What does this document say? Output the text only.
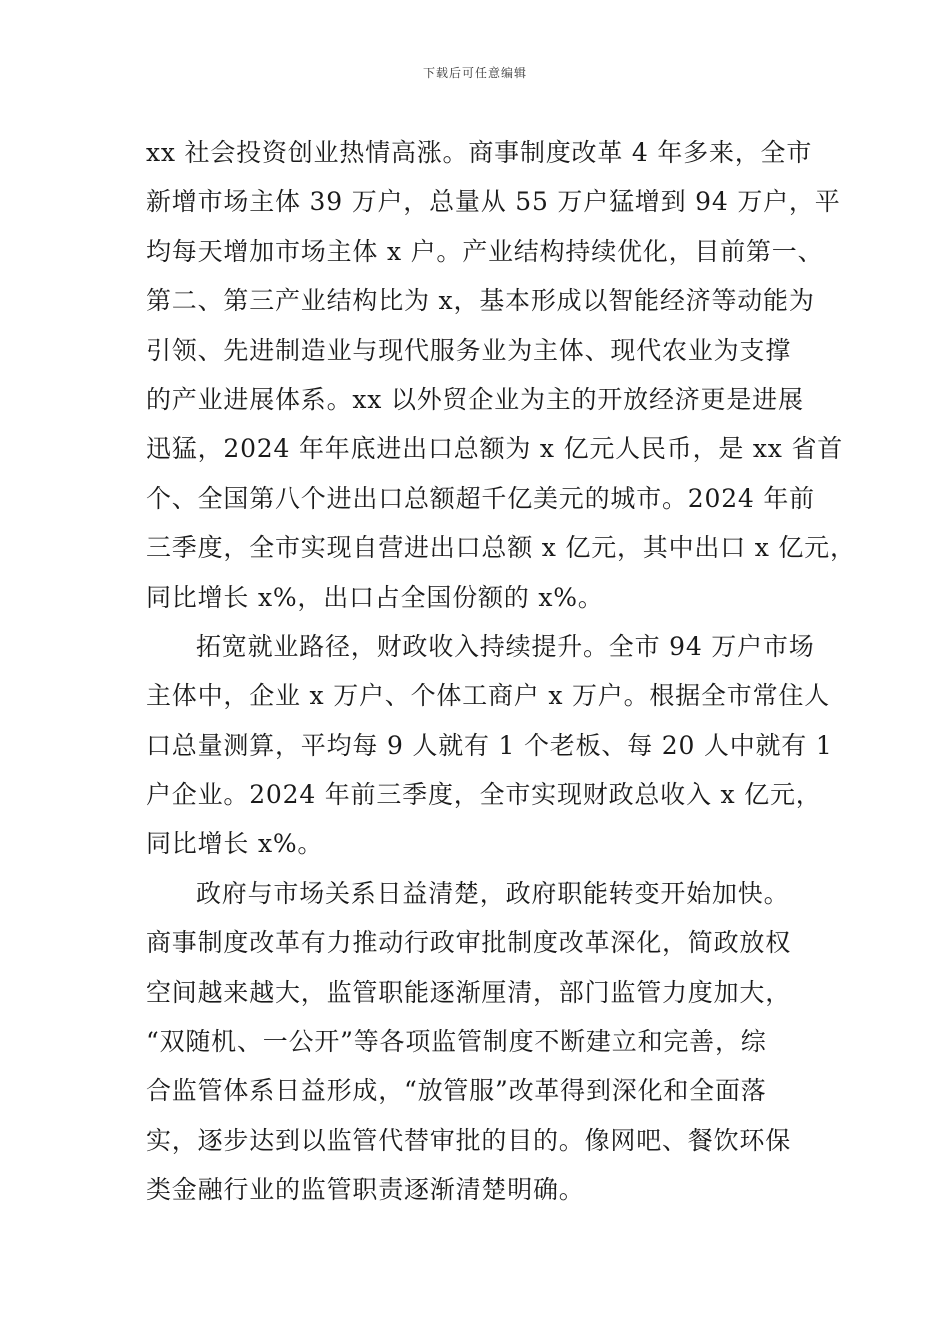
下载后可任意编辑
xx 社会投资创业热情高涨。商事制度改革 4 年多来，全市
新增市场主体 39 万户，总量从 55 万户猛增到 94 万户，平
均每天增加市场主体 x 户。产业结构持续优化，目前第一、
第二、第三产业结构比为 x，基本形成以智能经济等动能为
引领、先进制造业与现代服务业为主体、现代农业为支撑
的产业进展体系。xx 以外贸企业为主的开放经济更是进展
迅猛，2024 年年底进出口总额为 x 亿元人民币，是 xx 省首
个、全国第八个进出口总额超千亿美元的城市。2024 年前
三季度，全市实现自营进出口总额 x 亿元，其中出口 x 亿元，
同比增长 x%，出口占全国份额的 x%。
拓宽就业路径，财政收入持续提升。全市 94 万户市场
主体中，企业 x 万户、个体工商户 x 万户。根据全市常住人
口总量测算，平均每 9 人就有 1 个老板、每 20 人中就有 1
户企业。2024 年前三季度，全市实现财政总收入 x 亿元，
同比增长 x%。
政府与市场关系日益清楚，政府职能转变开始加快。
商事制度改革有力推动行政审批制度改革深化，简政放权
空间越来越大，监管职能逐渐厘清，部门监管力度加大，
“双随机、一公开”等各项监管制度不断建立和完善，综
合监管体系日益形成，“放管服”改革得到深化和全面落
实，逐步达到以监管代替审批的目的。像网吧、餐饮环保
类金融行业的监管职责逐渐清楚明确。
